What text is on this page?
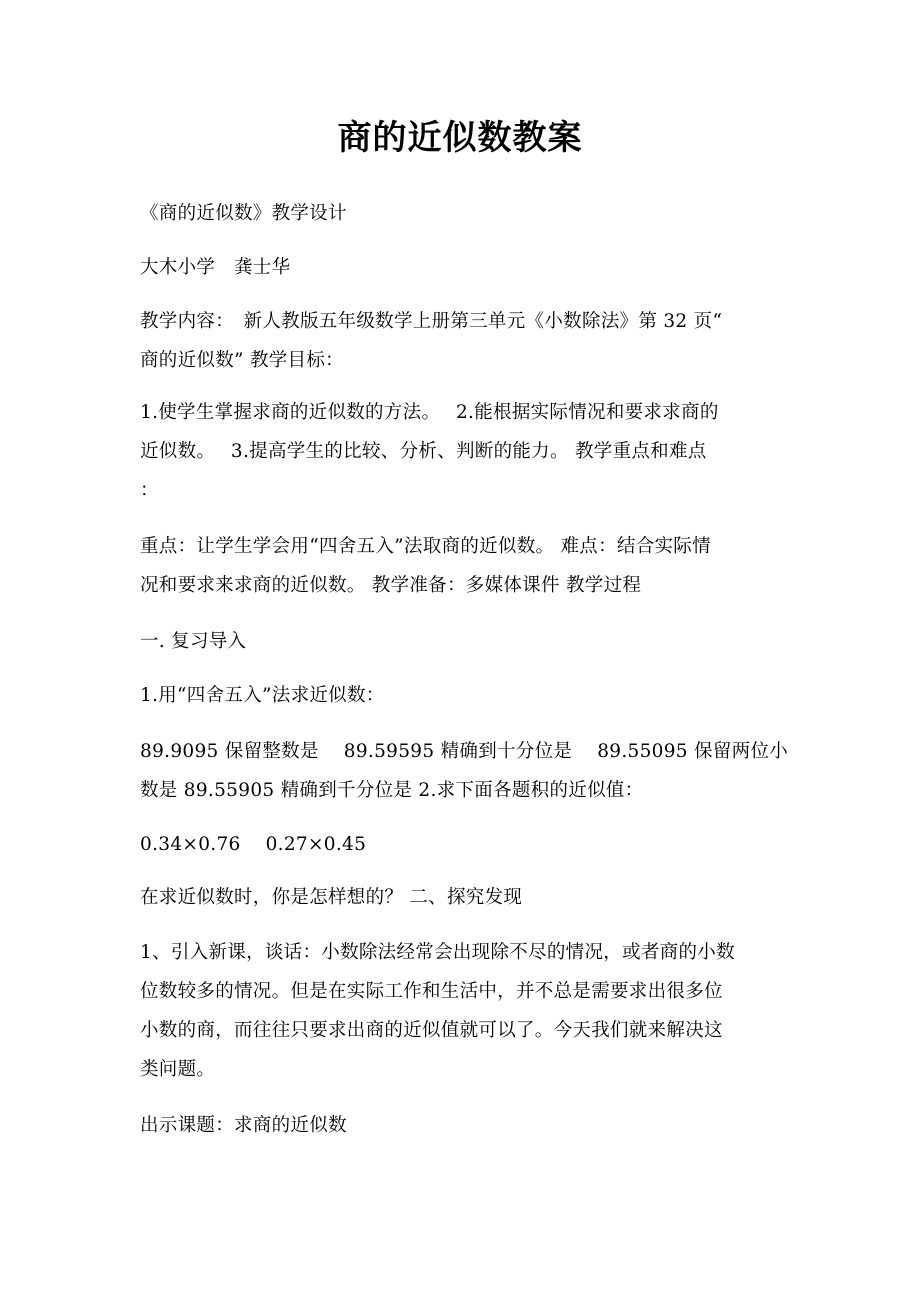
商的近似数教案

《商的近似数》教学设计

大木小学　龚士华

教学内容：　新人教版五年级数学上册第三单元《小数除法》第 32 页“
商的近似数” 教学目标：

1.使学生掌握求商的近似数的方法。　 2.能根据实际情况和要求求商的
近似数。　 3.提高学生的比较、分析、判断的能力。 教学重点和难点
：

重点：让学生学会用“四舍五入”法取商的近似数。 难点：结合实际情
况和要求来求商的近似数。 教学准备：多媒体课件 教学过程

一. 复习导入

1.用“四舍五入”法求近似数：

89.9095 保留整数是　 89.59595 精确到十分位是　 89.55095 保留两位小
数是 89.55905 精确到千分位是 2.求下面各题积的近似值：

0.34×0.76　 0.27×0.45

在求近似数时，你是怎样想的？ 二、探究发现

1、引入新课，谈话：小数除法经常会出现除不尽的情况，或者商的小数
位数较多的情况。但是在实际工作和生活中，并不总是需要求出很多位
小数的商，而往往只要求出商的近似值就可以了。今天我们就来解决这
类问题。

出示课题：求商的近似数
